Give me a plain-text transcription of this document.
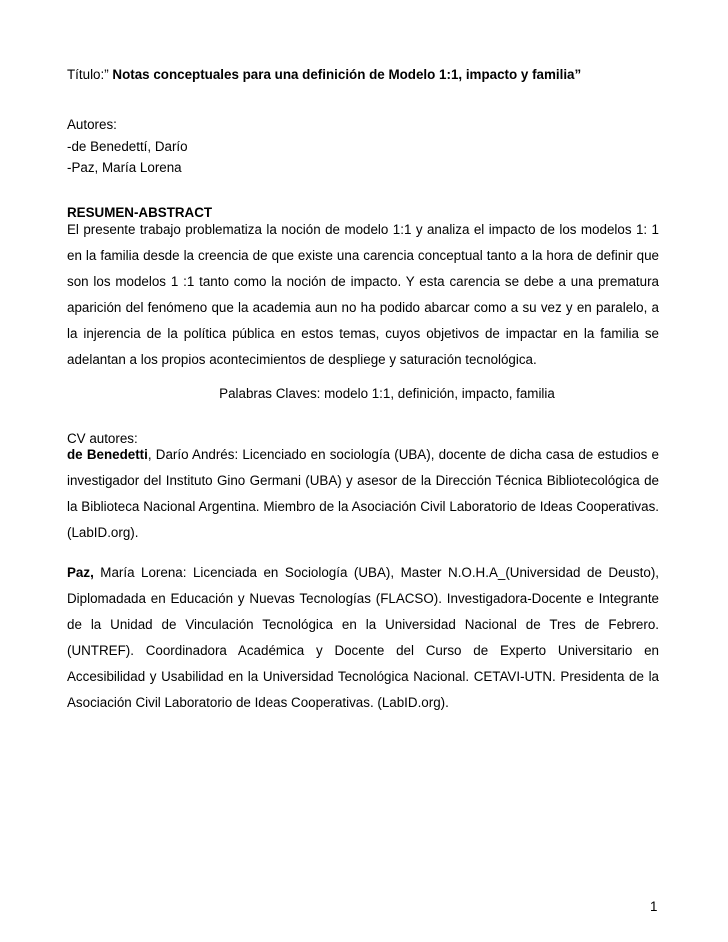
Título:” Notas conceptuales para una definición de Modelo 1:1, impacto y familia”
Autores:
-de Benedettí, Darío
-Paz, María Lorena
RESUMEN-ABSTRACT

El presente trabajo problematiza la noción de modelo 1:1 y analiza el impacto de los modelos 1: 1 en la familia desde la creencia de que existe una carencia conceptual tanto a la hora de definir que son los modelos 1 :1 tanto como la noción de impacto. Y esta carencia se debe a una prematura aparición del fenómeno que la academia aun no ha podido abarcar como a su vez y en paralelo, a la injerencia de la política pública en estos temas, cuyos objetivos de impactar en la familia se adelantan a los propios acontecimientos de despliege y saturación tecnológica.

Palabras Claves: modelo 1:1, definición, impacto, familia
CV autores:

de Benedetti, Darío Andrés: Licenciado en sociología (UBA), docente de dicha casa de estudios e investigador del Instituto Gino Germani (UBA) y asesor de la Dirección Técnica Bibliotecológica de la Biblioteca Nacional Argentina. Miembro de la Asociación Civil Laboratorio de Ideas Cooperativas. (LabID.org).

Paz, María Lorena: Licenciada en Sociología (UBA), Master N.O.H.A_(Universidad de Deusto), Diplomadada en Educación y Nuevas Tecnologías (FLACSO). Investigadora-Docente e Integrante de la Unidad de Vinculación Tecnológica en la Universidad Nacional de Tres de Febrero. (UNTREF). Coordinadora Académica y Docente del Curso de Experto Universitario en Accesibilidad y Usabilidad en la Universidad Tecnológica Nacional. CETAVI-UTN. Presidenta de la Asociación Civil Laboratorio de Ideas Cooperativas. (LabID.org).

1
